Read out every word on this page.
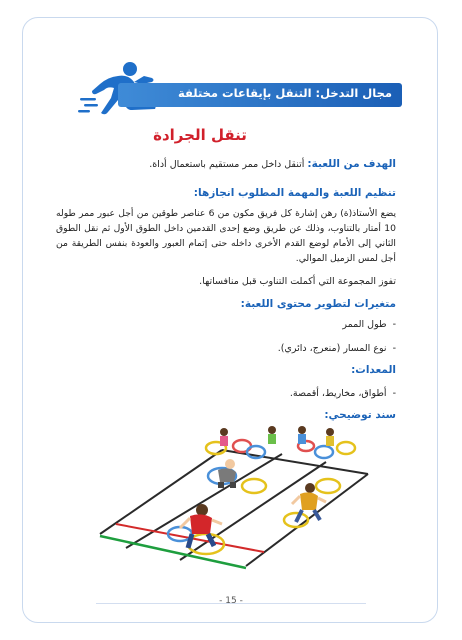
مجال التدخل: التنقل بإيقاعات مختلفة
تنقل الجرادة
الهدف من اللعبة: أتنقل داخل ممر مستقيم باستعمال أداة.
تنظيم اللعبة والمهمة المطلوب انجازها:
يضع الأستاذ(ة) رهن إشارة كل فريق مكون من 6 عناصر طوقين من أجل عبور ممر طوله 10 أمتار بالتناوب، وذلك عن طريق وضع إحدى القدمين داخل الطوق الأول ثم نقل الطوق الثاني إلى الأمام لوضع القدم الأخرى داخله حتى إتمام العبور والعودة بنفس الطريقة من أجل لمس الزميل الموالي.
تفوز المجموعة التي أكملت التناوب قبل منافساتها.
متغيرات لتطوير محتوى اللعبة:
-طول الممر
-نوع المسار (منعرج، دائري).
المعدات:
-أطواق، مخاريط، أقمصة.
سند توضيحي:
- 15 -
